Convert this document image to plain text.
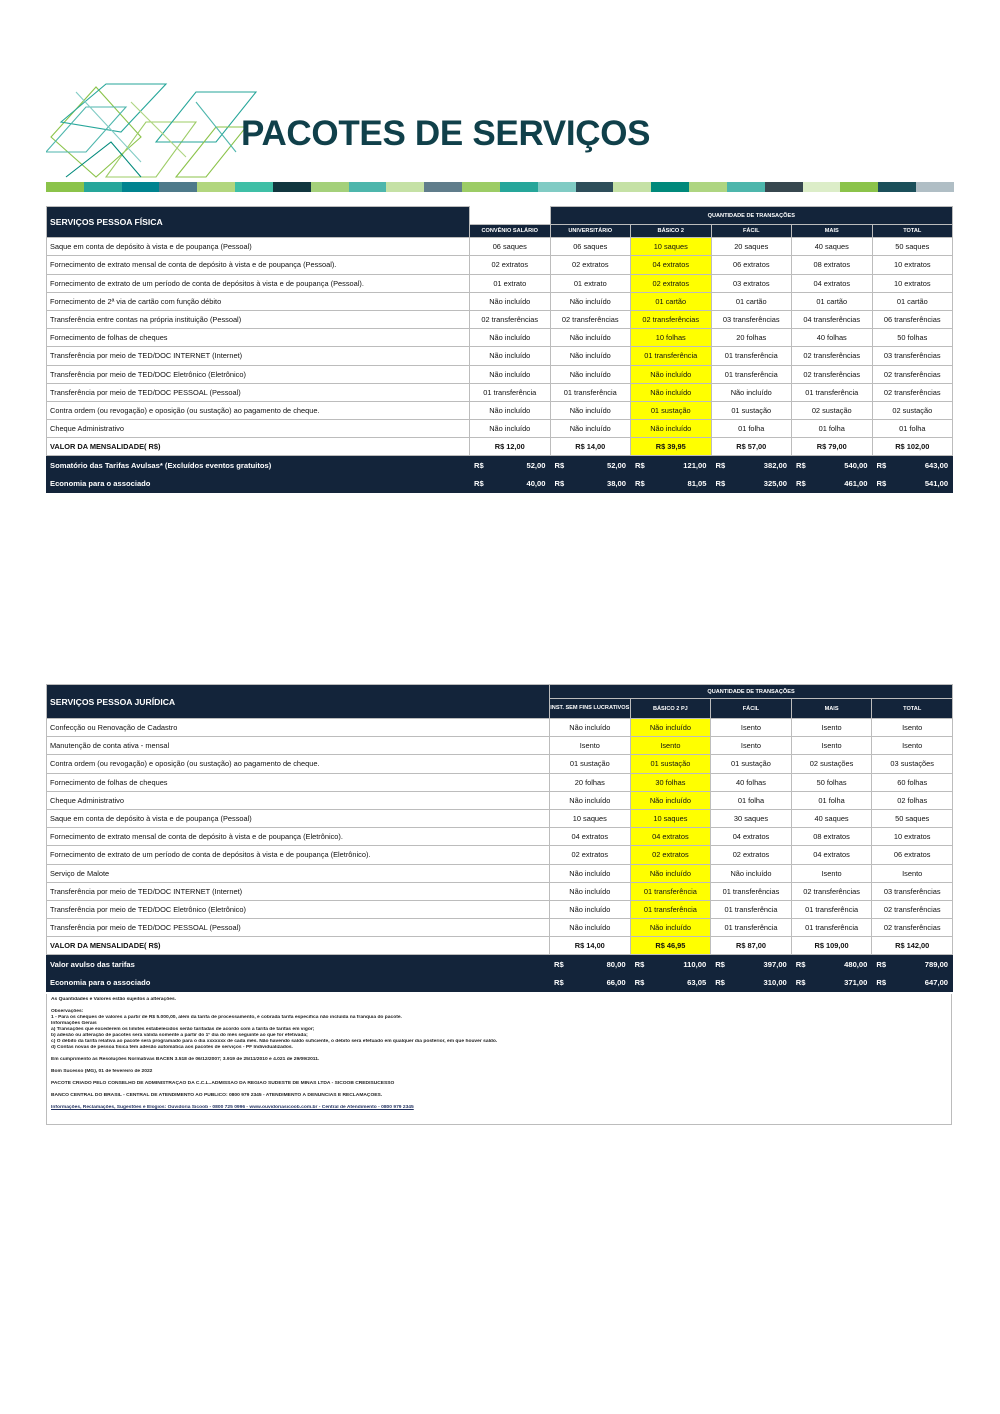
PACOTES DE SERVIÇOS
SERVIÇOS PESSOA FÍSICA		QUANTIDADE DE TRANSAÇÕES				
	CONVÊNIO SALÁRIO	UNIVERSITÁRIO	BÁSICO 2	FÁCIL	MAIS	TOTAL
Saque em conta de depósito à vista e de poupança (Pessoal)	06 saques	06 saques	10 saques	20 saques	40 saques	50 saques
Fornecimento de extrato mensal de conta de depósito à vista e de poupança (Pessoal).	02 extratos	02 extratos	04 extratos	06 extratos	08 extratos	10 extratos
Fornecimento de extrato de um período de conta de depósitos à vista e de poupança (Pessoal).	01 extrato	01 extrato	02 extratos	03 extratos	04 extratos	10 extratos
Fornecimento de 2ª via de cartão com função débito	Não incluído	Não incluído	01 cartão	01 cartão	01 cartão	01 cartão
Transferência entre contas na própria instituição (Pessoal)	02 transferências	02 transferências	02 transferências	03 transferências	04 transferências	06 transferências
Fornecimento de folhas de cheques	Não incluído	Não incluído	10 folhas	20 folhas	40 folhas	50 folhas
Transferência por meio de TED/DOC INTERNET (Internet)	Não incluído	Não incluído	01 transferência	01 transferência	02 transferências	03 transferências
Transferência por meio de TED/DOC Eletrônico (Eletrônico)	Não incluído	Não incluído	Não incluído	01 transferência	02 transferências	02 transferências
Transferência por meio de TED/DOC PESSOAL (Pessoal)	01 transferência	01 transferência	Não incluído	Não incluído	01 transferência	02 transferências
Contra ordem (ou revogação) e oposição (ou sustação) ao pagamento de cheque.	Não incluído	Não incluído	01 sustação	01 sustação	02 sustação	02 sustação
Cheque Administrativo	Não incluído	Não incluído	Não incluído	01 folha	01 folha	01 folha
VALOR DA MENSALIDADE( R$)	R$ 12,00	R$ 14,00	R$ 39,95	R$ 57,00	R$ 79,00	R$ 102,00
Somatório das Tarifas Avulsas* (Excluídos eventos gratuitos)	R$ 52,00	R$ 52,00	R$ 121,00	R$ 382,00	R$ 540,00	R$ 643,00

Economia para o associado	R$ 40,00	R$ 38,00	R$ 81,05	R$ 325,00	R$ 461,00	R$ 541,00
SERVIÇOS PESSOA JURÍDICA	QUANTIDADE DE TRANSAÇÕES				
	INST. SEM FINS LUCRATIVOS	BÁSICO 2 PJ	FÁCIL	MAIS	TOTAL
Confecção ou Renovação de Cadastro	Não incluído	Não incluído	Isento	Isento	Isento
Manutenção de conta ativa - mensal	Isento	Isento	Isento	Isento	Isento
Contra ordem (ou revogação) e oposição (ou sustação) ao pagamento de cheque.	01 sustação	01 sustação	01 sustação	02 sustações	03 sustações
Fornecimento de folhas de cheques	20 folhas	30 folhas	40 folhas	50 folhas	60 folhas
Cheque Administrativo	Não incluído	Não incluído	01 folha	01 folha	02 folhas
Saque em conta de depósito à vista e de poupança (Pessoal)	10 saques	10 saques	30 saques	40 saques	50 saques
Fornecimento de extrato mensal de conta de depósito à vista e de poupança (Eletrônico).	04 extratos	04 extratos	04 extratos	08 extratos	10 extratos
Fornecimento de extrato de um período de conta de depósitos à vista e de poupança (Eletrônico).	02 extratos	02 extratos	02 extratos	04 extratos	06 extratos
Serviço de Malote	Não incluído	Não incluído	Não incluído	Isento	Isento
Transferência por meio de TED/DOC INTERNET (Internet)	Não incluído	01 transferência	01 transferências	02 transferências	03 transferências
Transferência por meio de TED/DOC Eletrônico (Eletrônico)	Não incluído	01 transferência	01 transferência	01 transferência	02 transferências
Transferência por meio de TED/DOC PESSOAL (Pessoal)	Não incluído	Não incluído	01 transferência	01 transferência	02 transferências
VALOR DA MENSALIDADE( R$)	R$ 14,00	R$ 46,95	R$ 87,00	R$ 109,00	R$ 142,00
Valor avulso das tarifas	R$ 80,00	R$ 110,00	R$ 397,00	R$ 480,00	R$ 789,00

Economia para o associado	R$ 66,00	R$ 63,05	R$ 310,00	R$ 371,00	R$ 647,00
As Quantidades e Valores estão sujeitos a alterações.
Observações:
1 - Para os cheques de valores a partir de R$ 5.000,00, além da tarifa de processamento, é cobrada tarifa específica não incluída na franquia do pacote.
Informações Gerais
a) Transações que excederem os limites estabelecidos serão tarifadas de acordo com a tarifa de tarifas em vigor;
b) adesão ou alteração de pacotes será válida somente a partir do 1º dia do mês seguinte ao que for efetivada;
c) O débito da tarifa relativa ao pacote será programado para o dia xxxxxxx de cada mês. Não havendo saldo suficiente, o débito será efetuado em qualquer dia posterior, em que houver saldo.
d) Contas novas de pessoa física têm adesão automática aos pacotes de serviços - PF Individualizados.
Em cumprimento às Resoluções Normativas BACEN 3.518 de 06/12/2007; 3.919 de 25/11/2010 e 4.021 de 29/09/2011.
Bom Sucesso (MG), 01 de fevereiro de 2022
PACOTE CRIADO PELO CONSELHO DE ADMINISTRAÇÃO DA C.C.L..ADMISSÃO DA REGIÃO SUDESTE DE MINAS LTDA - SICOOB CREDISUCESSO
BANCO CENTRAL DO BRASIL - CENTRAL DE ATENDIMENTO AO PÚBLICO: 0800 979 2345 - ATENDIMENTO À DENÚNCIAS E RECLAMAÇÕES.
Informações, Reclamações, Sugestões e Elogios: Ouvidoria Sicoob - 0800 725 0996 - www.ouvidoriasicoob.com.br - Central de Atendimento - 0800 979 2345
